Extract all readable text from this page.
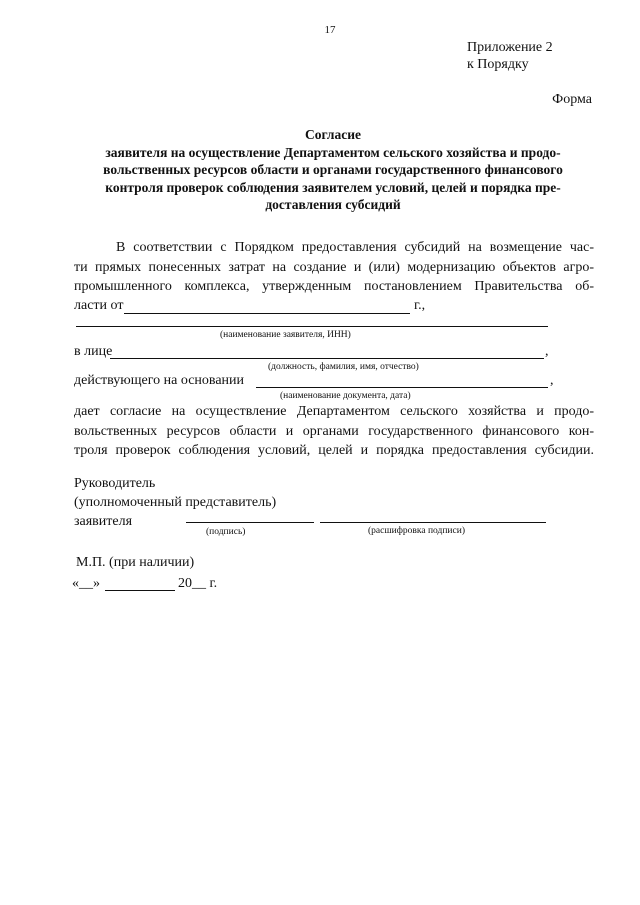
17
Приложение 2
к Порядку
Форма
Согласие
заявителя на осуществление Департаментом сельского хозяйства и продо-
вольственных ресурсов области и органами государственного финансового
контроля проверок соблюдения заявителем условий, целей и порядка пре-
доставления субсидий
В соответствии с Порядком предоставления субсидий на возмещение час-
ти прямых понесенных затрат на создание и (или) модернизацию объектов агро-
промышленного комплекса, утвержденным постановлением Правительства об-
ласти от	г.,
(наименование заявителя, ИНН)
в лице	,
(должность, фамилия, имя, отчество)
действующего на основании	,
(наименование документа, дата)
дает согласие на осуществление Департаментом сельского хозяйства и продо-
вольственных ресурсов области и органами государственного финансового кон-
троля проверок соблюдения условий, целей и порядка предоставления субсидии.
Руководитель
(уполномоченный представитель)
заявителя
(подпись)	(расшифровка подписи)
М.П. (при наличии)
«__»	20__ г.
